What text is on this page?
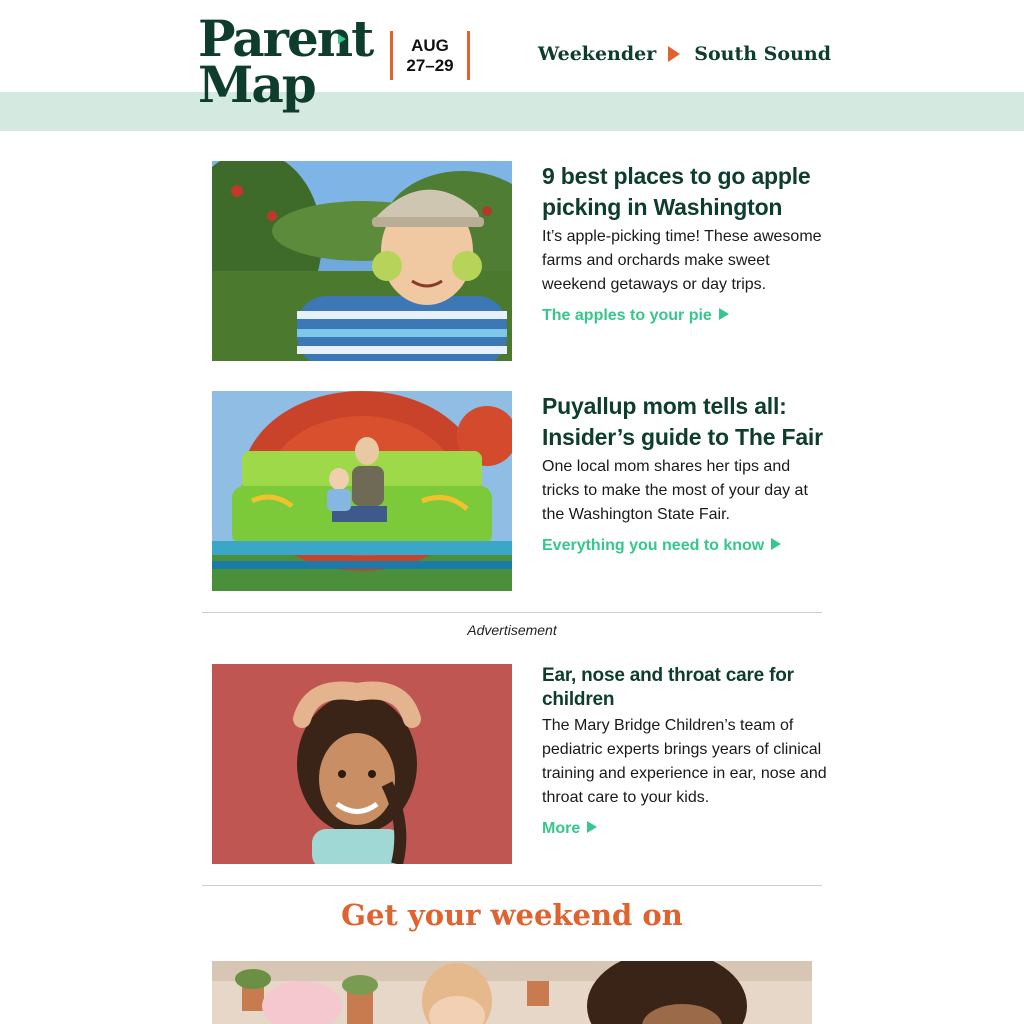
Parent
Map
AUG
27–29
Weekender South Sound
9 best places to go apple picking in Washington
It’s apple-picking time! These awesome farms and orchards make sweet weekend getaways or day trips.
The apples to your pie
Puyallup mom tells all: Insider’s guide to The Fair
One local mom shares her tips and tricks to make the most of your day at the Washington State Fair.
Everything you need to know
Advertisement
Ear, nose and throat care for children
The Mary Bridge Children’s team of pediatric experts brings years of clinical training and experience in ear, nose and throat care to your kids.
More
Get your weekend on
